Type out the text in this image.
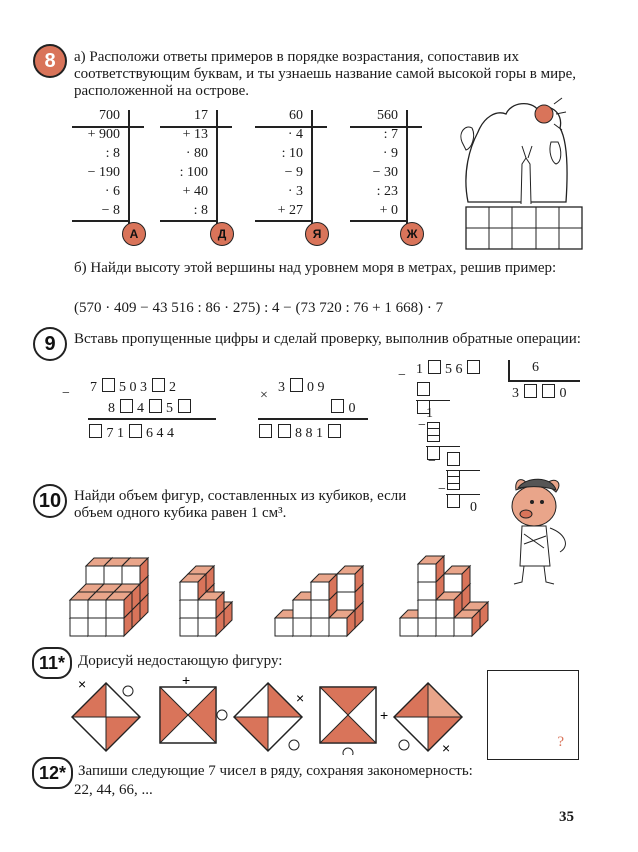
8 а) Расположи ответы примеров в порядке возрастания, сопоставив их соответствующим буквам, и ты узнаешь название самой высокой горы в мире, расположенной на острове.
700
+ 900
: 8
− 190
· 6
− 8
А
17
+ 13
· 80
: 100
+ 40
: 8
Д
60
· 4
: 10
− 9
· 3
+ 27
Я
560
: 7
· 9
− 30
: 23
+ 0
Ж
б) Найди высоту этой вершины над уровнем моря в метрах, решив пример:
(570 · 409 − 43 516 : 86 · 275) : 4 − (73 720 : 76 + 1 668) · 7
9 Вставь пропущенные цифры и сделай проверку, выполнив обратные операции:
− 7 5 0 3 2
8 4 5
7 1 6 4 4
×
3 0 9
0
8 8 1
− 1 5 6	6
3	0
1
−
−
−
0
10 Найди объем фигур, составленных из кубиков, если объем одного кубика равен 1 см³.
11* Дорисуй недостающую фигуру:
×	+
×
+
×	?
12* Запиши следующие 7 чисел в ряду, сохраняя закономерность:
22, 44, 66, ...
35
